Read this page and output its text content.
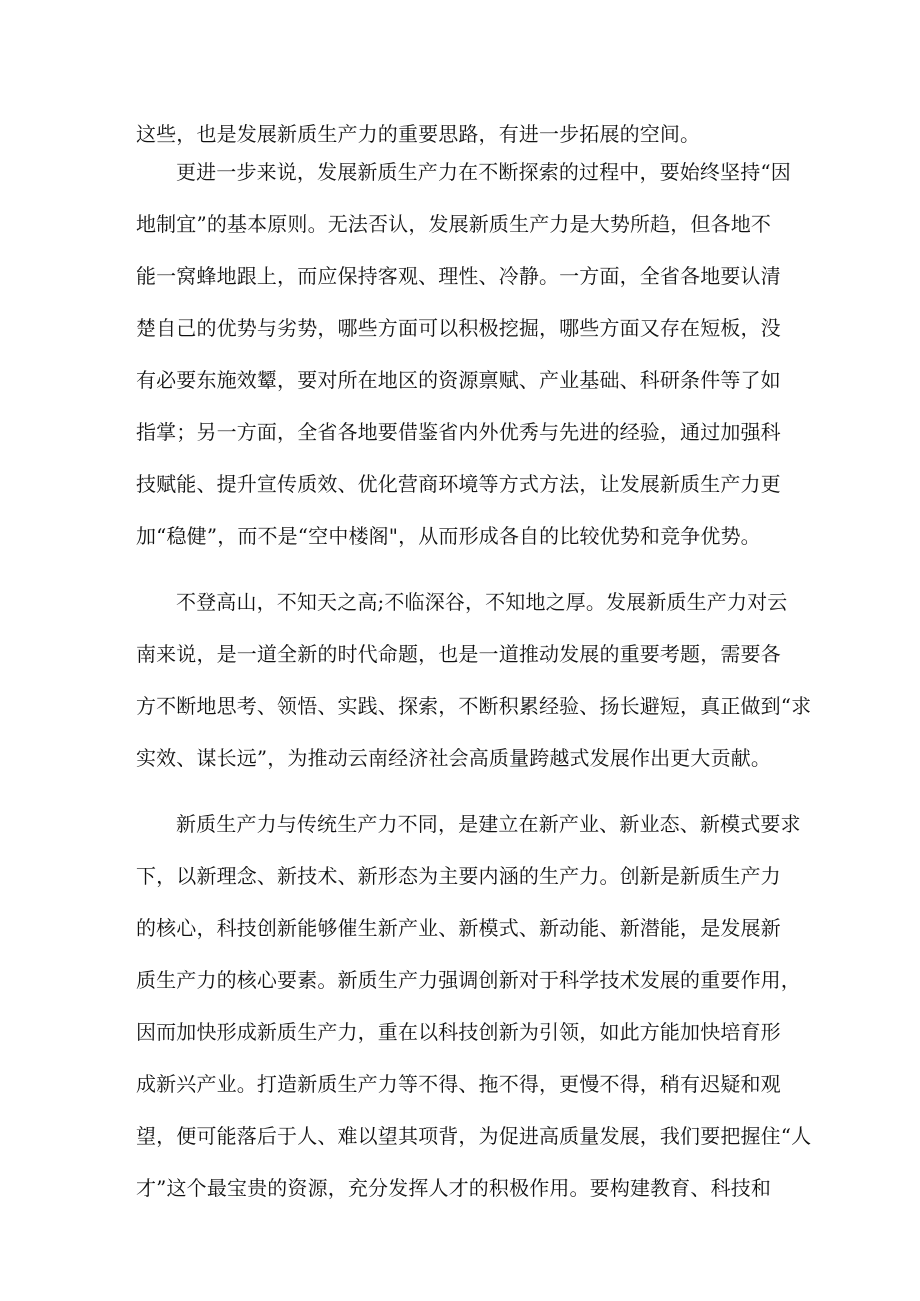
这些，也是发展新质生产力的重要思路，有进一步拓展的空间。
更进一步来说，发展新质生产力在不断探索的过程中，要始终坚持“因
地制宜”的基本原则。无法否认，发展新质生产力是大势所趋，但各地不
能一窝蜂地跟上，而应保持客观、理性、冷静。一方面，全省各地要认清
楚自己的优势与劣势，哪些方面可以积极挖掘，哪些方面又存在短板，没
有必要东施效颦，要对所在地区的资源禀赋、产业基础、科研条件等了如
指掌；另一方面，全省各地要借鉴省内外优秀与先进的经验，通过加强科
技赋能、提升宣传质效、优化营商环境等方式方法，让发展新质生产力更
加“稳健”，而不是“空中楼阁"，从而形成各自的比较优势和竞争优势。
不登高山，不知天之高;不临深谷，不知地之厚。发展新质生产力对云
南来说，是一道全新的时代命题，也是一道推动发展的重要考题，需要各
方不断地思考、领悟、实践、探索，不断积累经验、扬长避短，真正做到“求
实效、谋长远”，为推动云南经济社会高质量跨越式发展作出更大贡献。
新质生产力与传统生产力不同，是建立在新产业、新业态、新模式要求
下，以新理念、新技术、新形态为主要内涵的生产力。创新是新质生产力
的核心，科技创新能够催生新产业、新模式、新动能、新潜能，是发展新
质生产力的核心要素。新质生产力强调创新对于科学技术发展的重要作用，
因而加快形成新质生产力，重在以科技创新为引领，如此方能加快培育形
成新兴产业。打造新质生产力等不得、拖不得，更慢不得，稍有迟疑和观
望，便可能落后于人、难以望其项背，为促进高质量发展，我们要把握住“人
才”这个最宝贵的资源，充分发挥人才的积极作用。要构建教育、科技和
